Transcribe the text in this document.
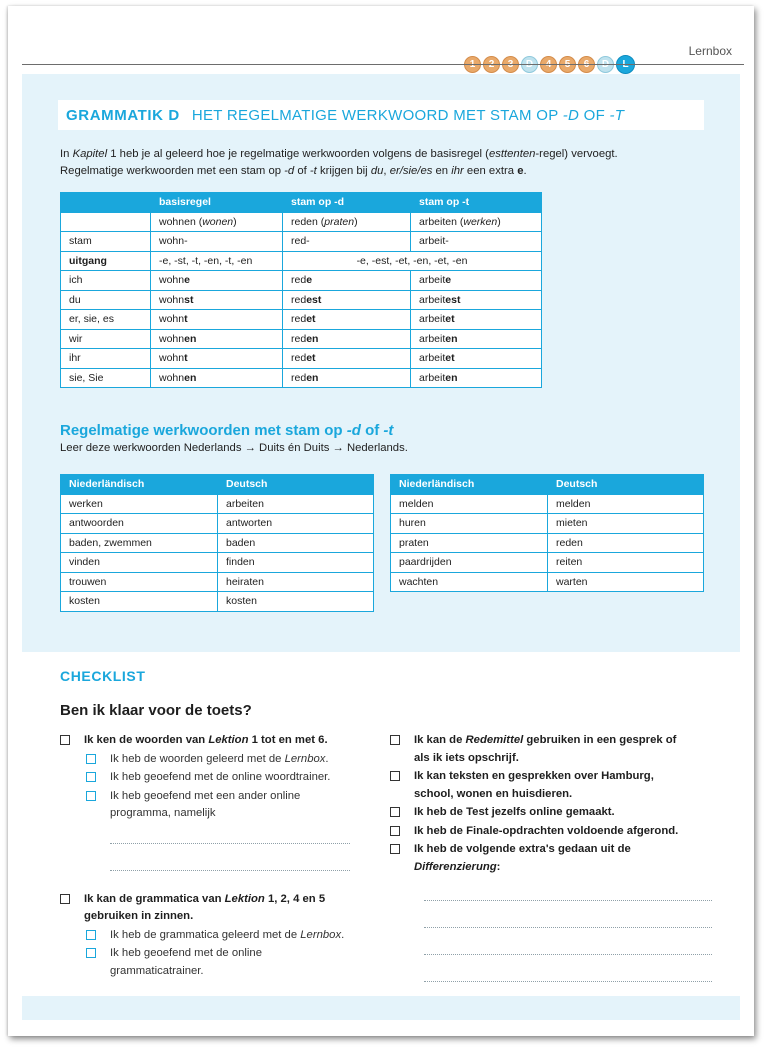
Lernbox
GRAMMATIK D HET REGELMATIGE WERKWOORD MET STAM OP -D OF -T
In Kapitel 1 heb je al geleerd hoe je regelmatige werkwoorden volgens de basisregel (esttenten-regel) vervoegt.
Regelmatige werkwoorden met een stam op -d of -t krijgen bij du, er/sie/es en ihr een extra e.
	basisregel	stam op -d	stam op -t
	wohnen (wonen)	reden (praten)	arbeiten (werken)
stam	wohn-	red-	arbeit-
uitgang	-e, -st, -t, -en, -t, -en	-e, -est, -et, -en, -et, -en	
ich	wohne	rede	arbeite
du	wohnst	redest	arbeitest
er, sie, es	wohnt	redet	arbeitet
wir	wohnen	reden	arbeiten
ihr	wohnt	redet	arbeitet
sie, Sie	wohnen	reden	arbeiten
Regelmatige werkwoorden met stam op -d of -t
Leer deze werkwoorden Nederlands → Duits én Duits → Nederlands.
Niederländisch	Deutsch
werken	arbeiten
antwoorden	antworten
baden, zwemmen	baden
vinden	finden
trouwen	heiraten
kosten	kosten
Niederländisch	Deutsch
melden	melden
huren	mieten
praten	reden
paardrijden	reiten
wachten	warten
CHECKLIST
Ben ik klaar voor de toets?
Ik ken de woorden van Lektion 1 tot en met 6.
Ik heb de woorden geleerd met de Lernbox.
Ik heb geoefend met de online woordtrainer.
Ik heb geoefend met een ander online
programma, namelijk
Ik kan de grammatica van Lektion 1, 2, 4 en 5
gebruiken in zinnen.
Ik heb de grammatica geleerd met de Lernbox.
Ik heb geoefend met de online
grammaticatrainer.
Ik kan de Redemittel gebruiken in een gesprek of
als ik iets opschrijf.
Ik kan teksten en gesprekken over Hamburg,
school, wonen en huisdieren.
Ik heb de Test jezelfs online gemaakt.
Ik heb de Finale-opdrachten voldoende afgerond.
Ik heb de volgende extra's gedaan uit de
Differenzierung:
